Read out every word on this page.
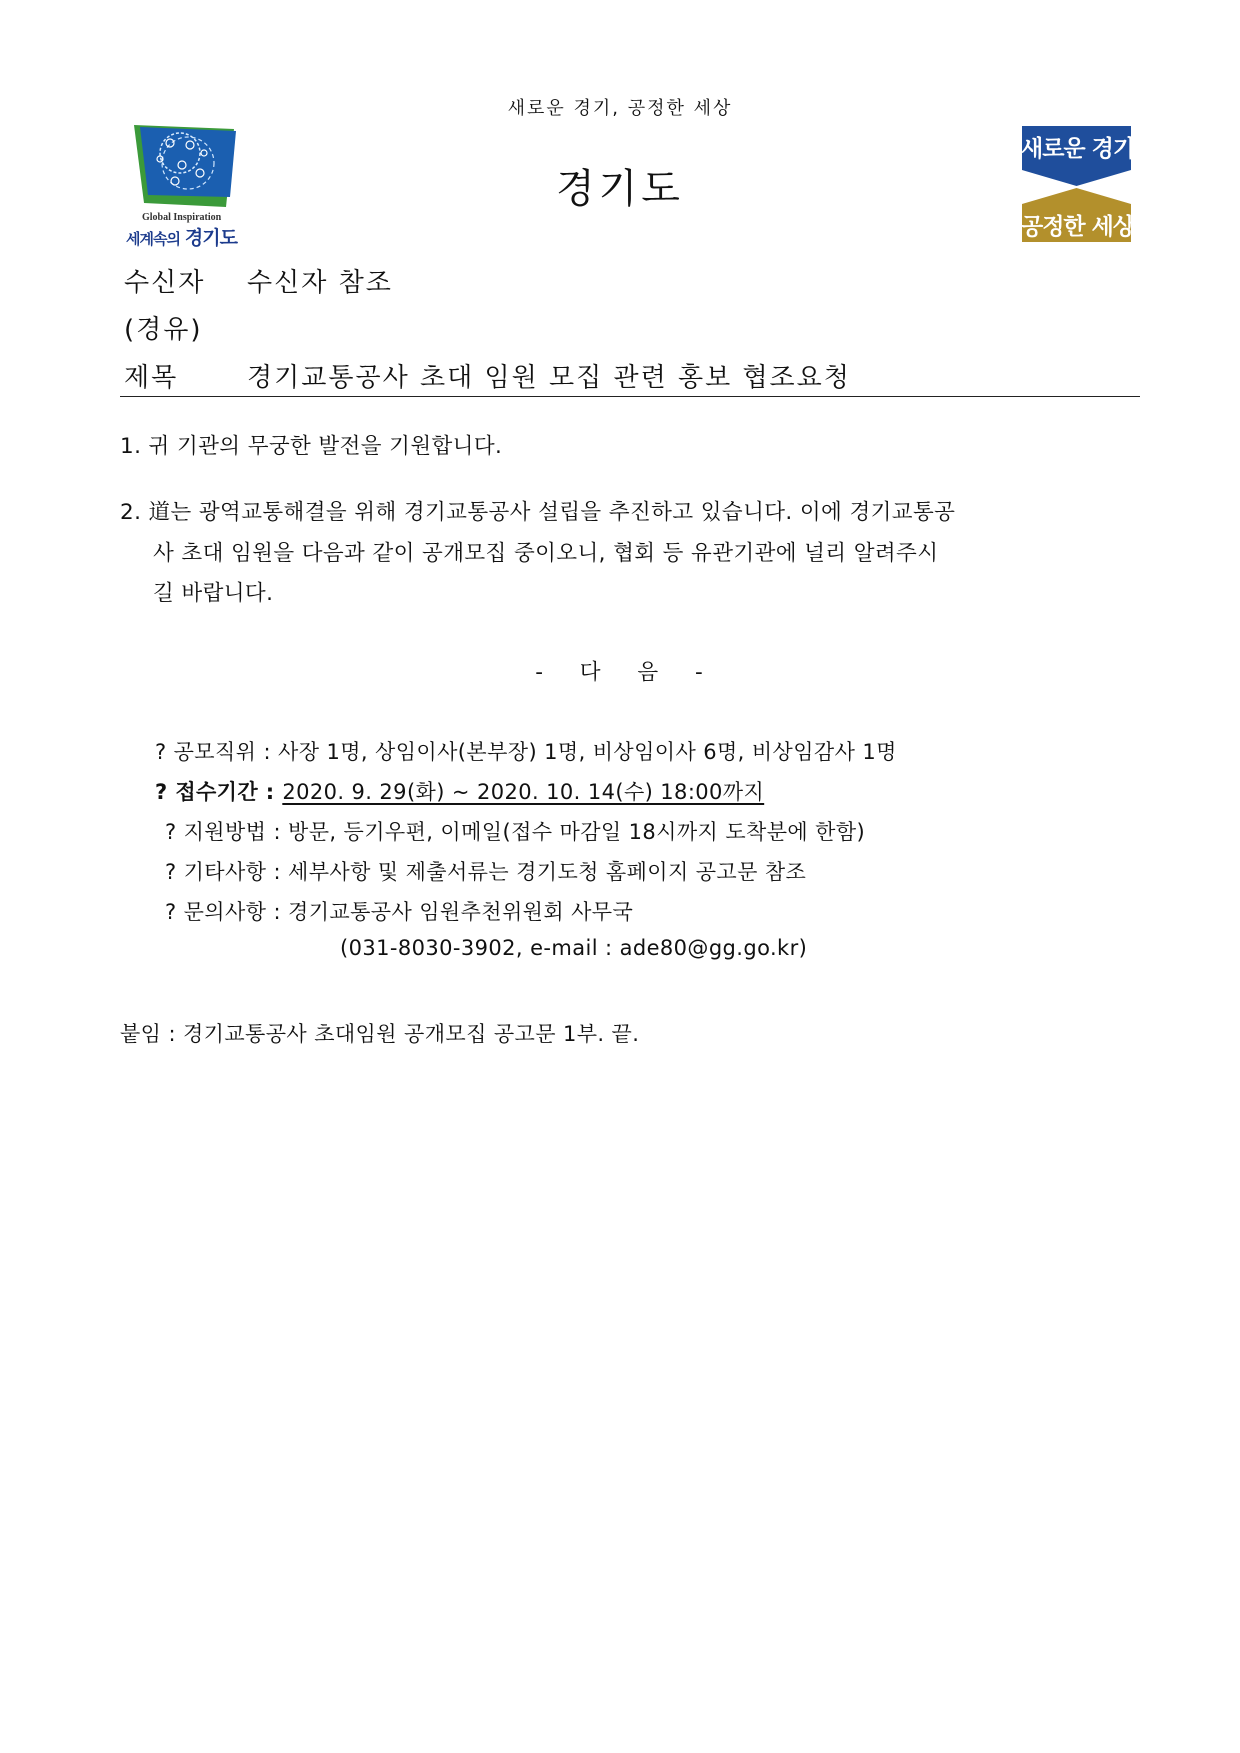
새로운 경기, 공정한 세상
경기도
Global Inspiration
세계속의 경기도
새로운 경기
공정한 세상
수신자 수신자 참조
(경유)
제목	경기교통공사 초대 임원 모집 관련 홍보 협조요청
1. 귀 기관의 무궁한 발전을 기원합니다.
2. 道는 광역교통해결을 위해 경기교통공사 설립을 추진하고 있습니다. 이에 경기교통공
사 초대 임원을 다음과 같이 공개모집 중이오니, 협회 등 유관기관에 널리 알려주시
길 바랍니다.
- 다 음 -
? 공모직위 : 사장 1명, 상임이사(본부장) 1명, 비상임이사 6명, 비상임감사 1명
? 접수기간 : 2020. 9. 29(화) ~ 2020. 10. 14(수) 18:00까지
? 지원방법 : 방문, 등기우편, 이메일(접수 마감일 18시까지 도착분에 한함)
? 기타사항 : 세부사항 및 제출서류는 경기도청 홈페이지 공고문 참조
? 문의사항 : 경기교통공사 임원추천위원회 사무국
(031-8030-3902, e-mail : ade80@gg.go.kr)
붙임 : 경기교통공사 초대임원 공개모집 공고문 1부. 끝.
